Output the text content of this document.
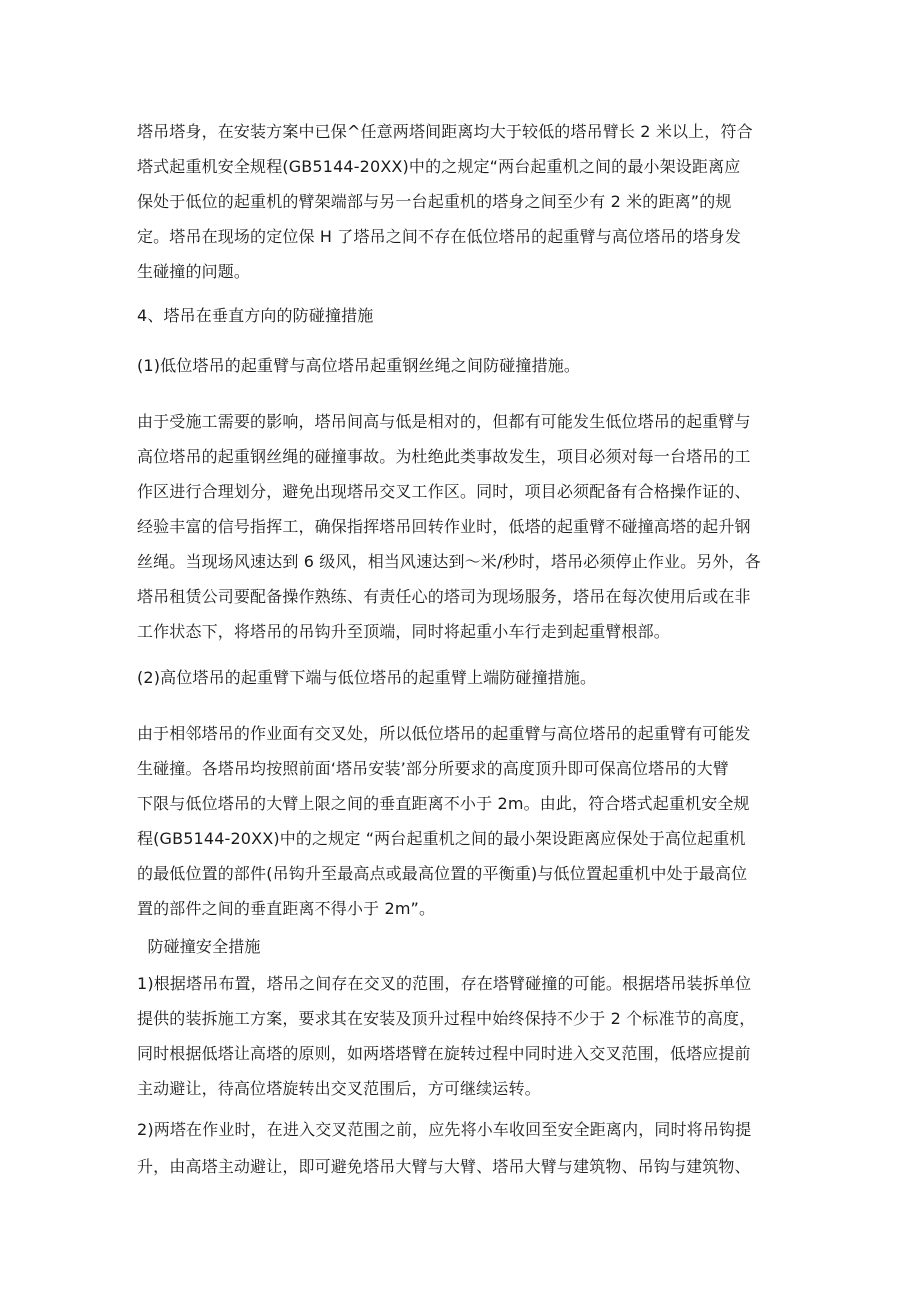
塔吊塔身，在安装方案中已保^任意两塔间距离均大于较低的塔吊臂长 2 米以上，符合
塔式起重机安全规程(GB5144-20XX)中的之规定“两台起重机之间的最小架设距离应
保处于低位的起重机的臂架端部与另一台起重机的塔身之间至少有 2 米的距离”的规
定。塔吊在现场的定位保 H 了塔吊之间不存在低位塔吊的起重臂与高位塔吊的塔身发
生碰撞的问题。
4、塔吊在垂直方向的防碰撞措施
(1)低位塔吊的起重臂与高位塔吊起重钢丝绳之间防碰撞措施。
由于受施工需要的影响，塔吊间高与低是相对的，但都有可能发生低位塔吊的起重臂与
高位塔吊的起重钢丝绳的碰撞事故。为杜绝此类事故发生，项目必须对每一台塔吊的工
作区进行合理划分，避免出现塔吊交叉工作区。同时，项目必须配备有合格操作证的、
经验丰富的信号指挥工，确保指挥塔吊回转作业时，低塔的起重臂不碰撞高塔的起升钢
丝绳。当现场风速达到 6 级风，相当风速达到〜米/秒时，塔吊必须停止作业。另外，各
塔吊租赁公司要配备操作熟练、有责任心的塔司为现场服务，塔吊在每次使用后或在非
工作状态下，将塔吊的吊钩升至顶端，同时将起重小车行走到起重臂根部。
(2)高位塔吊的起重臂下端与低位塔吊的起重臂上端防碰撞措施。
由于相邻塔吊的作业面有交叉处，所以低位塔吊的起重臂与高位塔吊的起重臂有可能发
生碰撞。各塔吊均按照前面‘塔吊安装’部分所要求的高度顶升即可保高位塔吊的大臂
下限与低位塔吊的大臂上限之间的垂直距离不小于 2m。由此，符合塔式起重机安全规
程(GB5144-20XX)中的之规定 “两台起重机之间的最小架设距离应保处于高位起重机
的最低位置的部件(吊钩升至最高点或最高位置的平衡重)与低位置起重机中处于最高位
置的部件之间的垂直距离不得小于 2m”。
防碰撞安全措施
1)根据塔吊布置，塔吊之间存在交叉的范围，存在塔臂碰撞的可能。根据塔吊装拆单位
提供的装拆施工方案，要求其在安装及顶升过程中始终保持不少于 2 个标准节的高度，
同时根据低塔让高塔的原则，如两塔塔臂在旋转过程中同时进入交叉范围，低塔应提前
主动避让，待高位塔旋转出交叉范围后，方可继续运转。
2)两塔在作业时，在进入交叉范围之前，应先将小车收回至安全距离内，同时将吊钩提
升，由高塔主动避让，即可避免塔吊大臂与大臂、塔吊大臂与建筑物、吊钩与建筑物、
